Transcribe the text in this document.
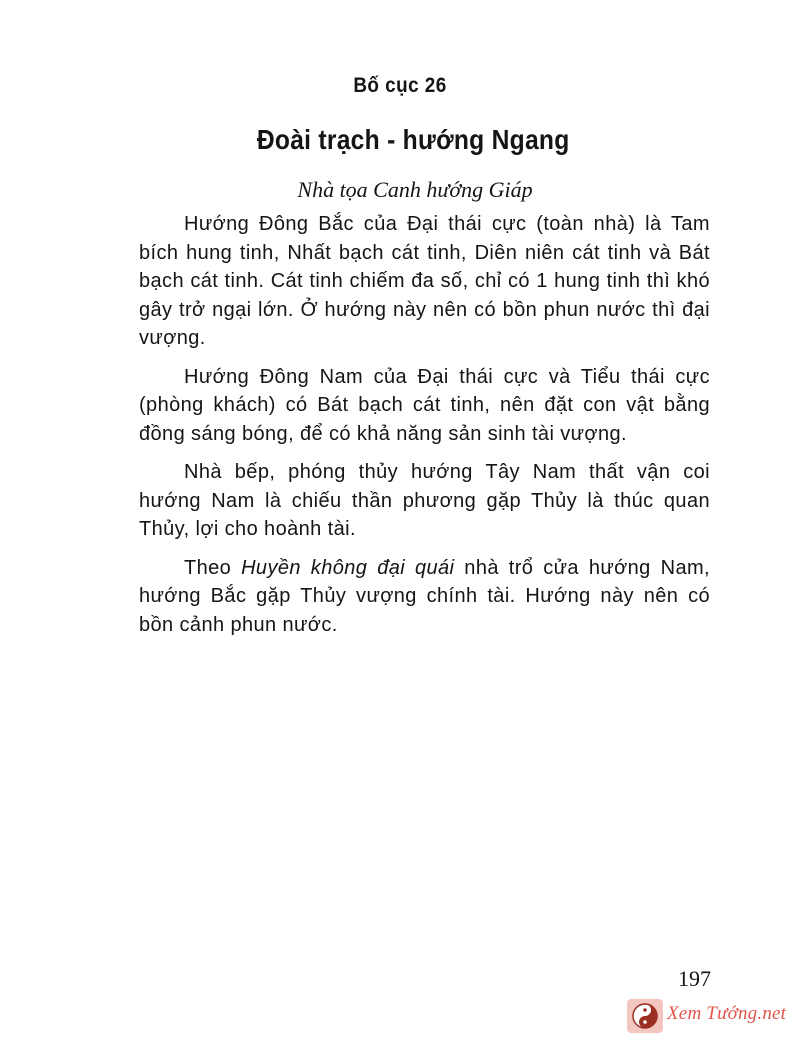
Bố cục 26
Đoài trạch - hướng Ngang
Nhà tọa Canh hướng Giáp

Hướng Đông Bắc của Đại thái cực (toàn nhà) là Tam bích hung tinh, Nhất bạch cát tinh, Diên niên cát tinh và Bát bạch cát tinh. Cát tinh chiếm đa số, chỉ có 1 hung tinh thì khó gây trở ngại lớn. Ở hướng này nên có bồn phun nước thì đại vượng.

Hướng Đông Nam của Đại thái cực và Tiểu thái cực (phòng khách) có Bát bạch cát tinh, nên đặt con vật bằng đồng sáng bóng, để có khả năng sản sinh tài vượng.

Nhà bếp, phóng thủy hướng Tây Nam thất vận coi hướng Nam là chiếu thần phương gặp Thủy là thúc quan Thủy, lợi cho hoành tài.

Theo Huyền không đại quái nhà trổ cửa hướng Nam, hướng Bắc gặp Thủy vượng chính tài. Hướng này nên có bồn cảnh phun nước.

197
Xem Tướng.net
